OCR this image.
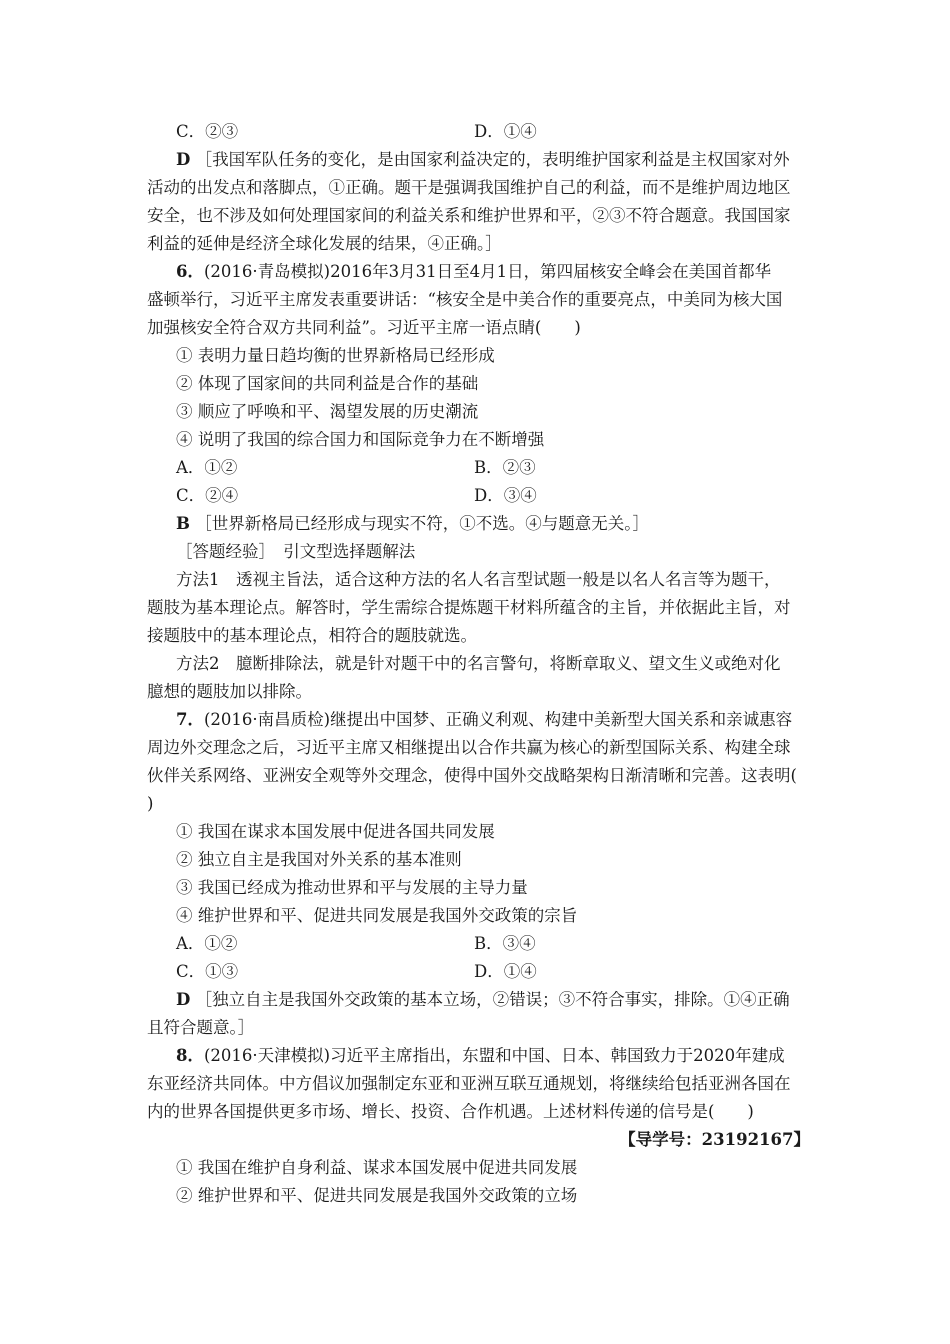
C．②③	D．①④
D ［我国军队任务的变化，是由国家利益决定的，表明维护国家利益是主权国家对外
活动的出发点和落脚点，①正确。题干是强调我国维护自己的利益，而不是维护周边地区
安全，也不涉及如何处理国家间的利益关系和维护世界和平，②③不符合题意。我国国家
利益的延伸是经济全球化发展的结果，④正确。］
6．(2016·青岛模拟)2016年3月31日至4月1日，第四届核安全峰会在美国首都华
盛顿举行，习近平主席发表重要讲话：“核安全是中美合作的重要亮点，中美同为核大国
加强核安全符合双方共同利益”。习近平主席一语点睛(　　)
① 表明力量日趋均衡的世界新格局已经形成
② 体现了国家间的共同利益是合作的基础
③ 顺应了呼唤和平、渴望发展的历史潮流
④ 说明了我国的综合国力和国际竞争力在不断增强
A．①②	B．②③
C．②④	D．③④
B ［世界新格局已经形成与现实不符，①不选。④与题意无关。］
［答题经验］　引文型选择题解法
方法1　透视主旨法，适合这种方法的名人名言型试题一般是以名人名言等为题干，
题肢为基本理论点。解答时，学生需综合提炼题干材料所蕴含的主旨，并依据此主旨，对
接题肢中的基本理论点，相符合的题肢就选。
方法2　臆断排除法，就是针对题干中的名言警句，将断章取义、望文生义或绝对化
臆想的题肢加以排除。
7．(2016·南昌质检)继提出中国梦、正确义利观、构建中美新型大国关系和亲诚惠容
周边外交理念之后，习近平主席又相继提出以合作共赢为核心的新型国际关系、构建全球
伙伴关系网络、亚洲安全观等外交理念，使得中国外交战略架构日渐清晰和完善。这表明(
)
① 我国在谋求本国发展中促进各国共同发展
② 独立自主是我国对外关系的基本准则
③ 我国已经成为推动世界和平与发展的主导力量
④ 维护世界和平、促进共同发展是我国外交政策的宗旨
A．①②	B．③④
C．①③	D．①④
D ［独立自主是我国外交政策的基本立场，②错误；③不符合事实，排除。①④正确
且符合题意。］
8．(2016·天津模拟)习近平主席指出，东盟和中国、日本、韩国致力于2020年建成
东亚经济共同体。中方倡议加强制定东亚和亚洲互联互通规划，将继续给包括亚洲各国在
内的世界各国提供更多市场、增长、投资、合作机遇。上述材料传递的信号是(　　)
【导学号：23192167】
① 我国在维护自身利益、谋求本国发展中促进共同发展
② 维护世界和平、促进共同发展是我国外交政策的立场
